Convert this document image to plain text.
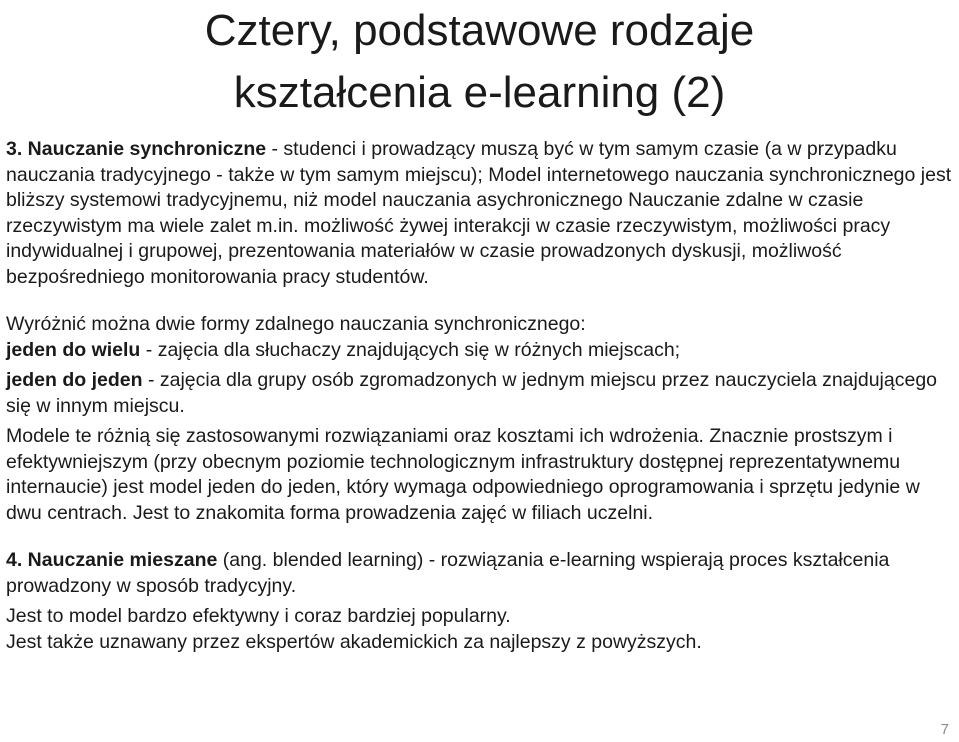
Cztery, podstawowe rodzaje
kształcenia e-learning (2)

3. Nauczanie synchroniczne - studenci i prowadzący muszą być w tym samym czasie (a w przypadku nauczania tradycyjnego - także w tym samym miejscu); Model internetowego nauczania synchronicznego jest bliższy systemowi tradycyjnemu, niż model nauczania asychronicznego Nauczanie zdalne w czasie rzeczywistym ma wiele zalet m.in. możliwość żywej interakcji w czasie rzeczywistym, możliwości pracy indywidualnej i grupowej, prezentowania materiałów w czasie prowadzonych dyskusji, możliwość bezpośredniego monitorowania pracy studentów.

Wyróżnić można dwie formy zdalnego nauczania synchronicznego:

jeden do wielu - zajęcia dla słuchaczy znajdujących się w różnych miejscach;

jeden do jeden - zajęcia dla grupy osób zgromadzonych w jednym miejscu przez nauczyciela znajdującego się w innym miejscu.

Modele te różnią się zastosowanymi rozwiązaniami oraz kosztami ich wdrożenia. Znacznie prostszym i efektywniejszym (przy obecnym poziomie technologicznym infrastruktury dostępnej reprezentatywnemu internaucie) jest model jeden do jeden, który wymaga odpowiedniego oprogramowania i sprzętu jedynie w dwu centrach. Jest to znakomita forma prowadzenia zajęć w filiach uczelni.

4. Nauczanie mieszane (ang. blended learning) - rozwiązania e-learning wspierają proces kształcenia prowadzony w sposób tradycyjny.

Jest to model bardzo efektywny i coraz bardziej popularny.

Jest także uznawany przez ekspertów akademickich za najlepszy z powyższych.

7
